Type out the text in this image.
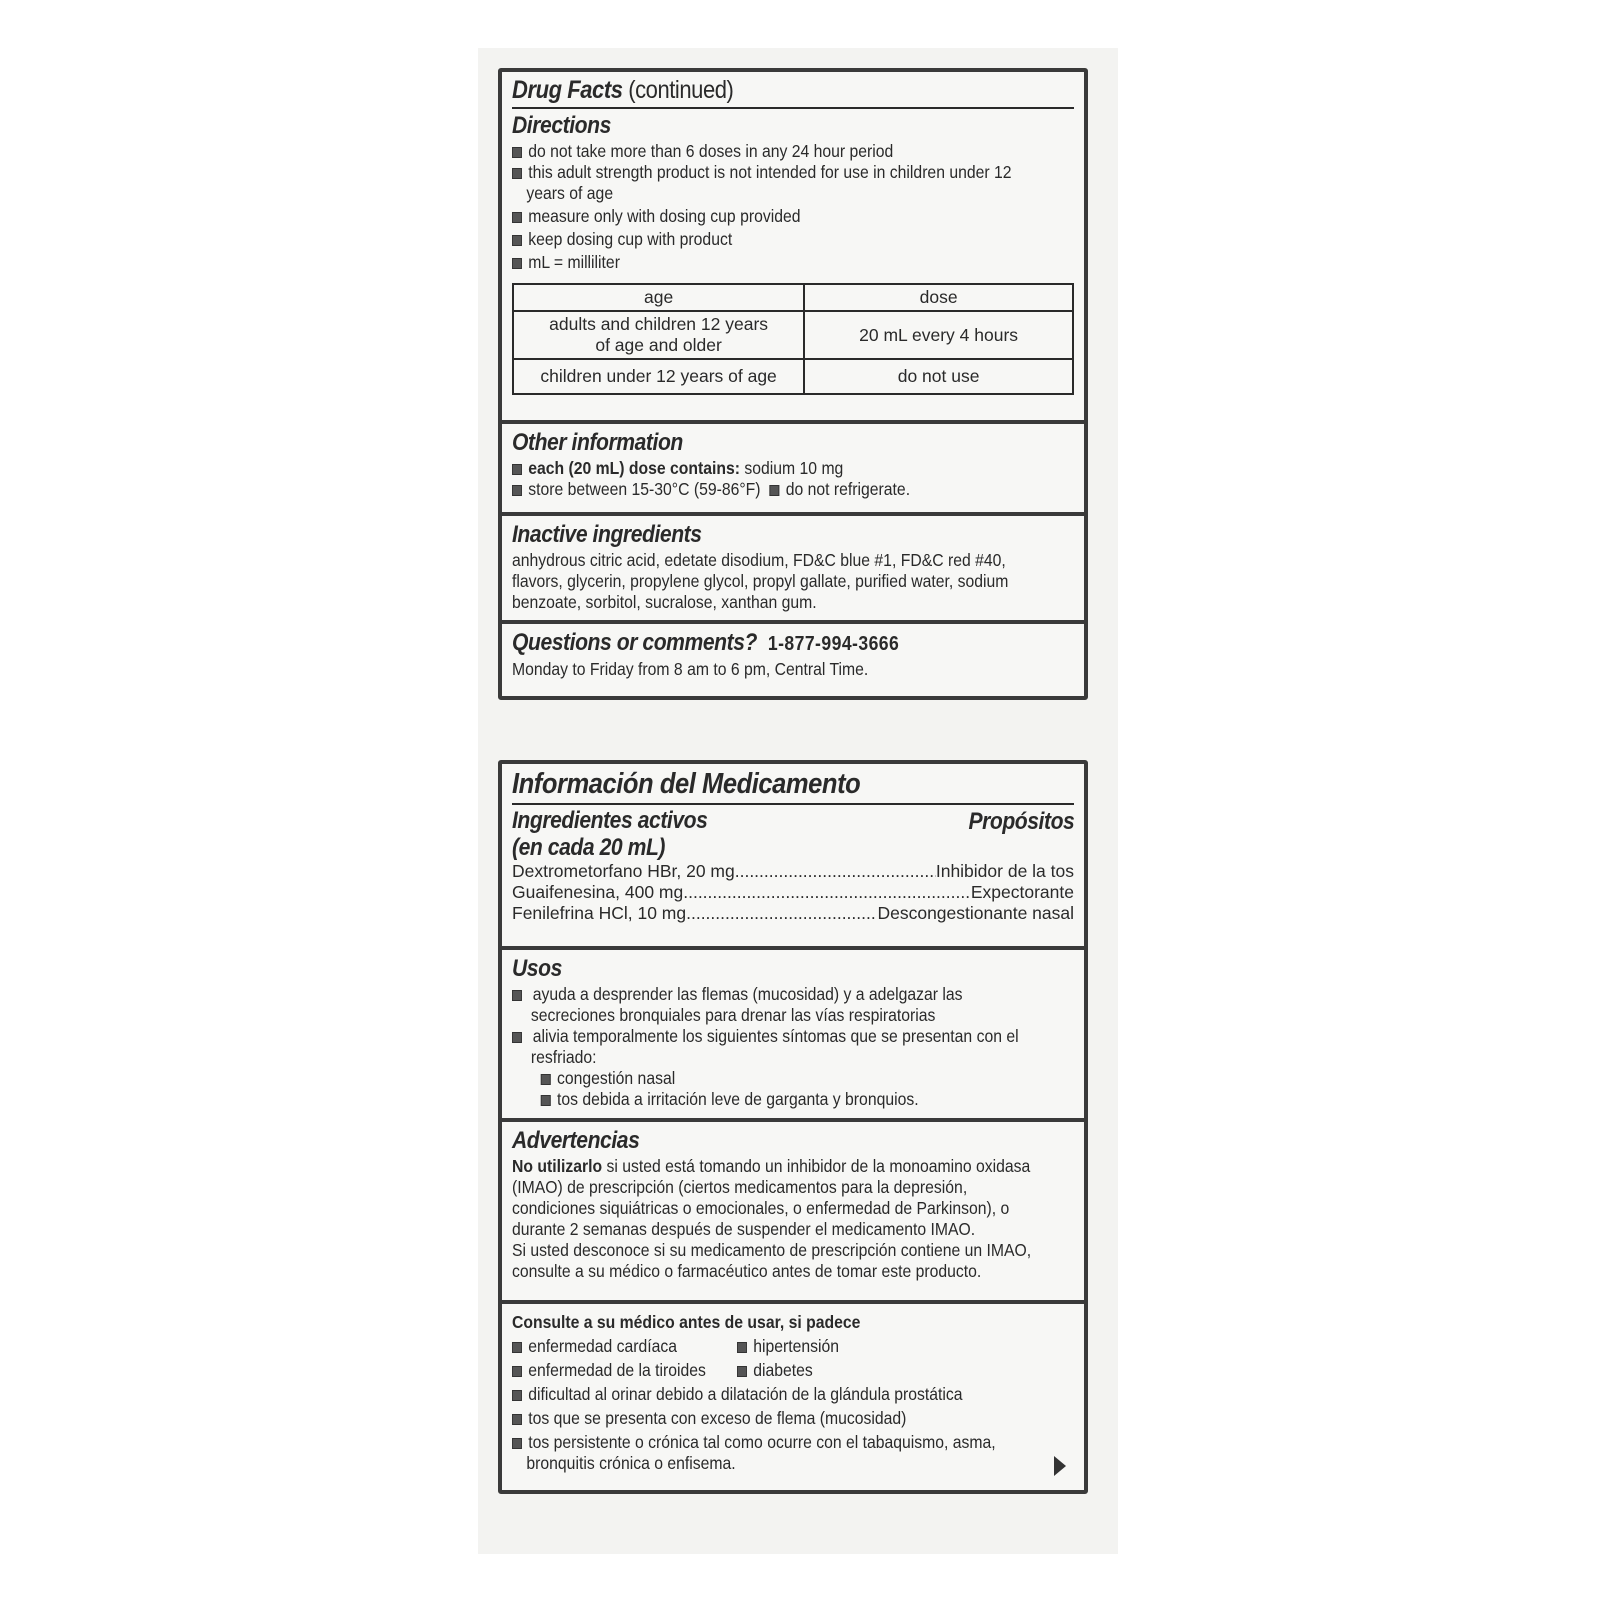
Drug Facts (continued)
Directions
do not take more than 6 doses in any 24 hour period
this adult strength product is not intended for use in children under 12
years of age
measure only with dosing cup provided
keep dosing cup with product
mL = milliliter
age	dose

adults and children 12 years
of age and older	20 mL every 4 hours
children under 12 years of age	do not use
Other information
each (20 mL) dose contains: sodium 10 mg
store between 15-30°C (59-86°F) do not refrigerate.
Inactive ingredients
anhydrous citric acid, edetate disodium, FD&C blue #1, FD&C red #40,
flavors, glycerin, propylene glycol, propyl gallate, purified water, sodium
benzoate, sorbitol, sucralose, xanthan gum.
Questions or comments? 1-877-994-3666
Monday to Friday from 8 am to 6 pm, Central Time.
Información del Medicamento
Ingredientes activos
(en cada 20 mL)
Propósitos
Dextrometorfano HBr, 20 mg .....	Inhibidor de la tos
Guaifenesina, 400 mg .....	Expectorante
Fenilefrina HCl, 10 mg .....	Descongestionante nasal
Usos
ayuda a desprender las flemas (mucosidad) y a adelgazar las
secreciones bronquiales para drenar las vías respiratorias
alivia temporalmente los siguientes síntomas que se presentan con el
resfriado:
congestión nasal
tos debida a irritación leve de garganta y bronquios.
Advertencias
No utilizarlo si usted está tomando un inhibidor de la monoamino oxidasa
(IMAO) de prescripción (ciertos medicamentos para la depresión,
condiciones siquiátricas o emocionales, o enfermedad de Parkinson), o
durante 2 semanas después de suspender el medicamento IMAO.
Si usted desconoce si su medicamento de prescripción contiene un IMAO,
consulte a su médico o farmacéutico antes de tomar este producto.
Consulte a su médico antes de usar, si padece
enfermedad cardíaca	hipertensión
enfermedad de la tiroides	diabetes
dificultad al orinar debido a dilatación de la glándula prostática
tos que se presenta con exceso de flema (mucosidad)
tos persistente o crónica tal como ocurre con el tabaquismo, asma,
bronquitis crónica o enfisema.
